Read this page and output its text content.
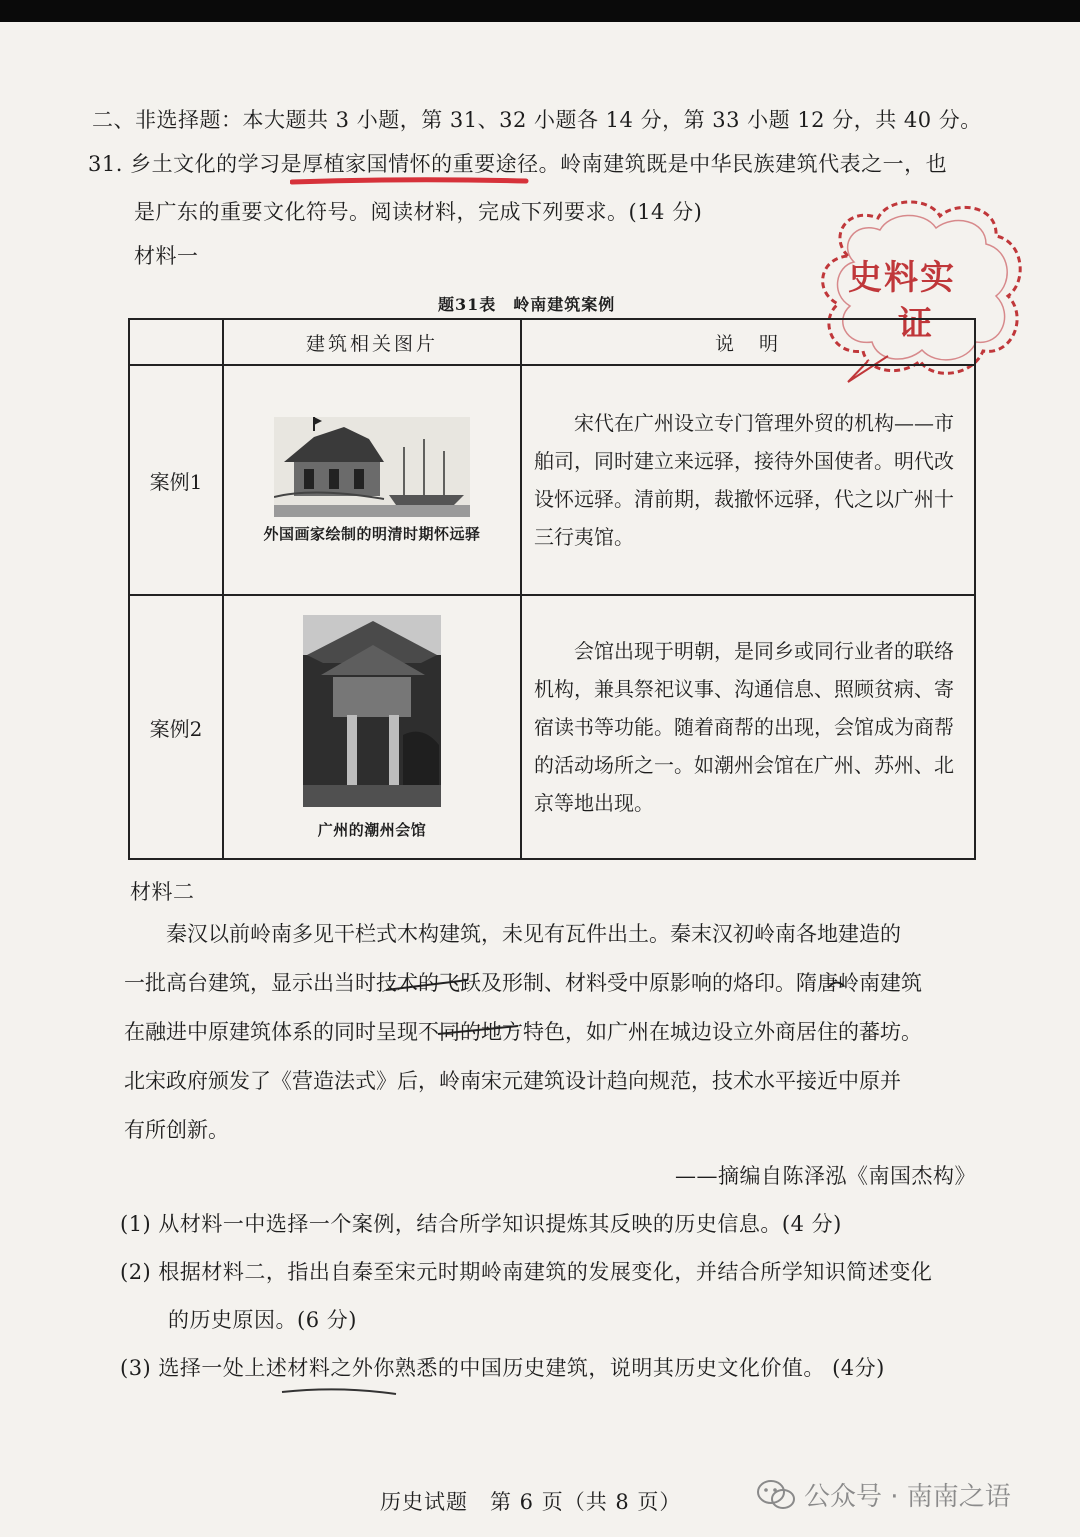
二、非选择题：本大题共 3 小题，第 31、32 小题各 14 分，第 33 小题 12 分，共 40 分。
31. 乡土文化的学习是厚植家国情怀的重要途径。岭南建筑既是中华民族建筑代表之一，也
是广东的重要文化符号。阅读材料，完成下列要求。(14 分)
材料一
史料实
证
题31表　岭南建筑案例
	建筑相关图片	说　明
案例1	外国画家绘制的明清时期怀远驿	宋代在广州设立专门管理外贸的机构——市舶司，同时建立来远驿，接待外国使者。明代改设怀远驿。清前期，裁撤怀远驿，代之以广州十三行夷馆。

案例2	广州的潮州会馆	会馆出现于明朝，是同乡或同行业者的联络机构，兼具祭祀议事、沟通信息、照顾贫病、寄宿读书等功能。随着商帮的出现，会馆成为商帮的活动场所之一。如潮州会馆在广州、苏州、北京等地出现。
材料二
秦汉以前岭南多见干栏式木构建筑，未见有瓦件出土。秦末汉初岭南各地建造的
一批高台建筑，显示出当时技术的飞跃及形制、材料受中原影响的烙印。隋唐岭南建筑
在融进中原建筑体系的同时呈现不同的地方特色，如广州在城边设立外商居住的蕃坊。
北宋政府颁发了《营造法式》后，岭南宋元建筑设计趋向规范，技术水平接近中原并
有所创新。
——摘编自陈泽泓《南国杰构》
(1) 从材料一中选择一个案例，结合所学知识提炼其反映的历史信息。(4 分)
(2) 根据材料二，指出自秦至宋元时期岭南建筑的发展变化，并结合所学知识简述变化
的历史原因。(6 分)
(3) 选择一处上述材料之外你熟悉的中国历史建筑，说明其历史文化价值。 (4分)
历史试题　第 6 页（共 8 页）	公众号 · 南南之语
